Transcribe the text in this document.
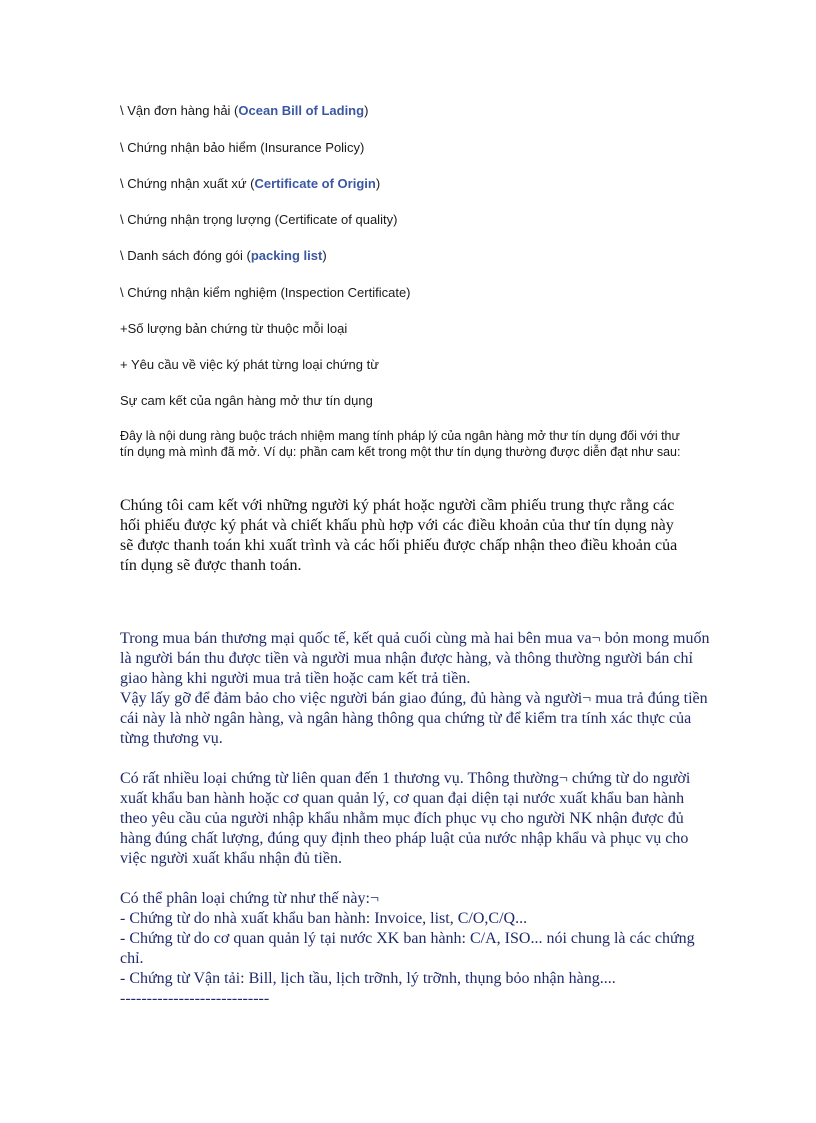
\ Vận đơn hàng hải (Ocean Bill of Lading)
\ Chứng nhận bảo hiểm (Insurance Policy)
\ Chứng nhận xuất xứ (Certificate of Origin)
\ Chứng nhận trọng lượng (Certificate of quality)
\ Danh sách đóng gói (packing list)
\ Chứng nhận kiểm nghiệm (Inspection Certificate)
+Số lượng bản chứng từ thuộc mỗi loại
+ Yêu cầu về việc ký phát từng loại chứng từ
Sự cam kết của ngân hàng mở thư tín dụng
Đây là nội dung ràng buộc trách nhiệm mang tính pháp lý của ngân hàng mở thư tín dụng đối với thư tín dụng mà mình đã mở. Ví dụ: phần cam kết trong một thư tín dụng thường được diễn đạt như sau:
Chúng tôi cam kết với những người ký phát hoặc người cầm phiếu trung thực rằng các hối phiếu được ký phát và chiết khấu phù hợp với các điều khoản của thư tín dụng này sẽ được thanh toán khi xuất trình và các hối phiếu được chấp nhận theo điều khoản của tín dụng sẽ được thanh toán.

Trong mua bán thương mại quốc tế, kết quả cuối cùng mà hai bên mua va¬ bỏn mong muốn là người bán thu được tiền và người mua nhận được hàng, và thông thường người bán chỉ giao hàng khi người mua trả tiền hoặc cam kết trả tiền.

Vậy lấy gỡ để đảm bảo cho việc người bán giao đúng, đủ hàng và người¬ mua trả đúng tiền cái này là nhờ ngân hàng, và ngân hàng thông qua chứng từ để kiểm tra tính xác thực của từng thương vụ.

Có rất nhiều loại chứng từ liên quan đến 1 thương vụ. Thông thường¬ chứng từ do người xuất khẩu ban hành hoặc cơ quan quản lý, cơ quan đại diện tại nước xuất khẩu ban hành theo yêu cầu của người nhập khẩu nhằm mục đích phục vụ cho người NK nhận được đủ hàng đúng chất lượng, đúng quy định theo pháp luật của nước nhập khẩu và phục vụ cho việc người xuất khẩu nhận đủ tiền.

Có thể phân loại chứng từ như thế này:¬

- Chứng từ do nhà xuất khẩu ban hành: Invoice, list, C/O,C/Q...

- Chứng từ do cơ quan quản lý tại nước XK ban hành: C/A, ISO... nói chung là các chứng chỉ.

- Chứng từ Vận tải: Bill, lịch tầu, lịch trỡnh, lý trỡnh, thụng bỏo nhận hàng....

----------------------------
